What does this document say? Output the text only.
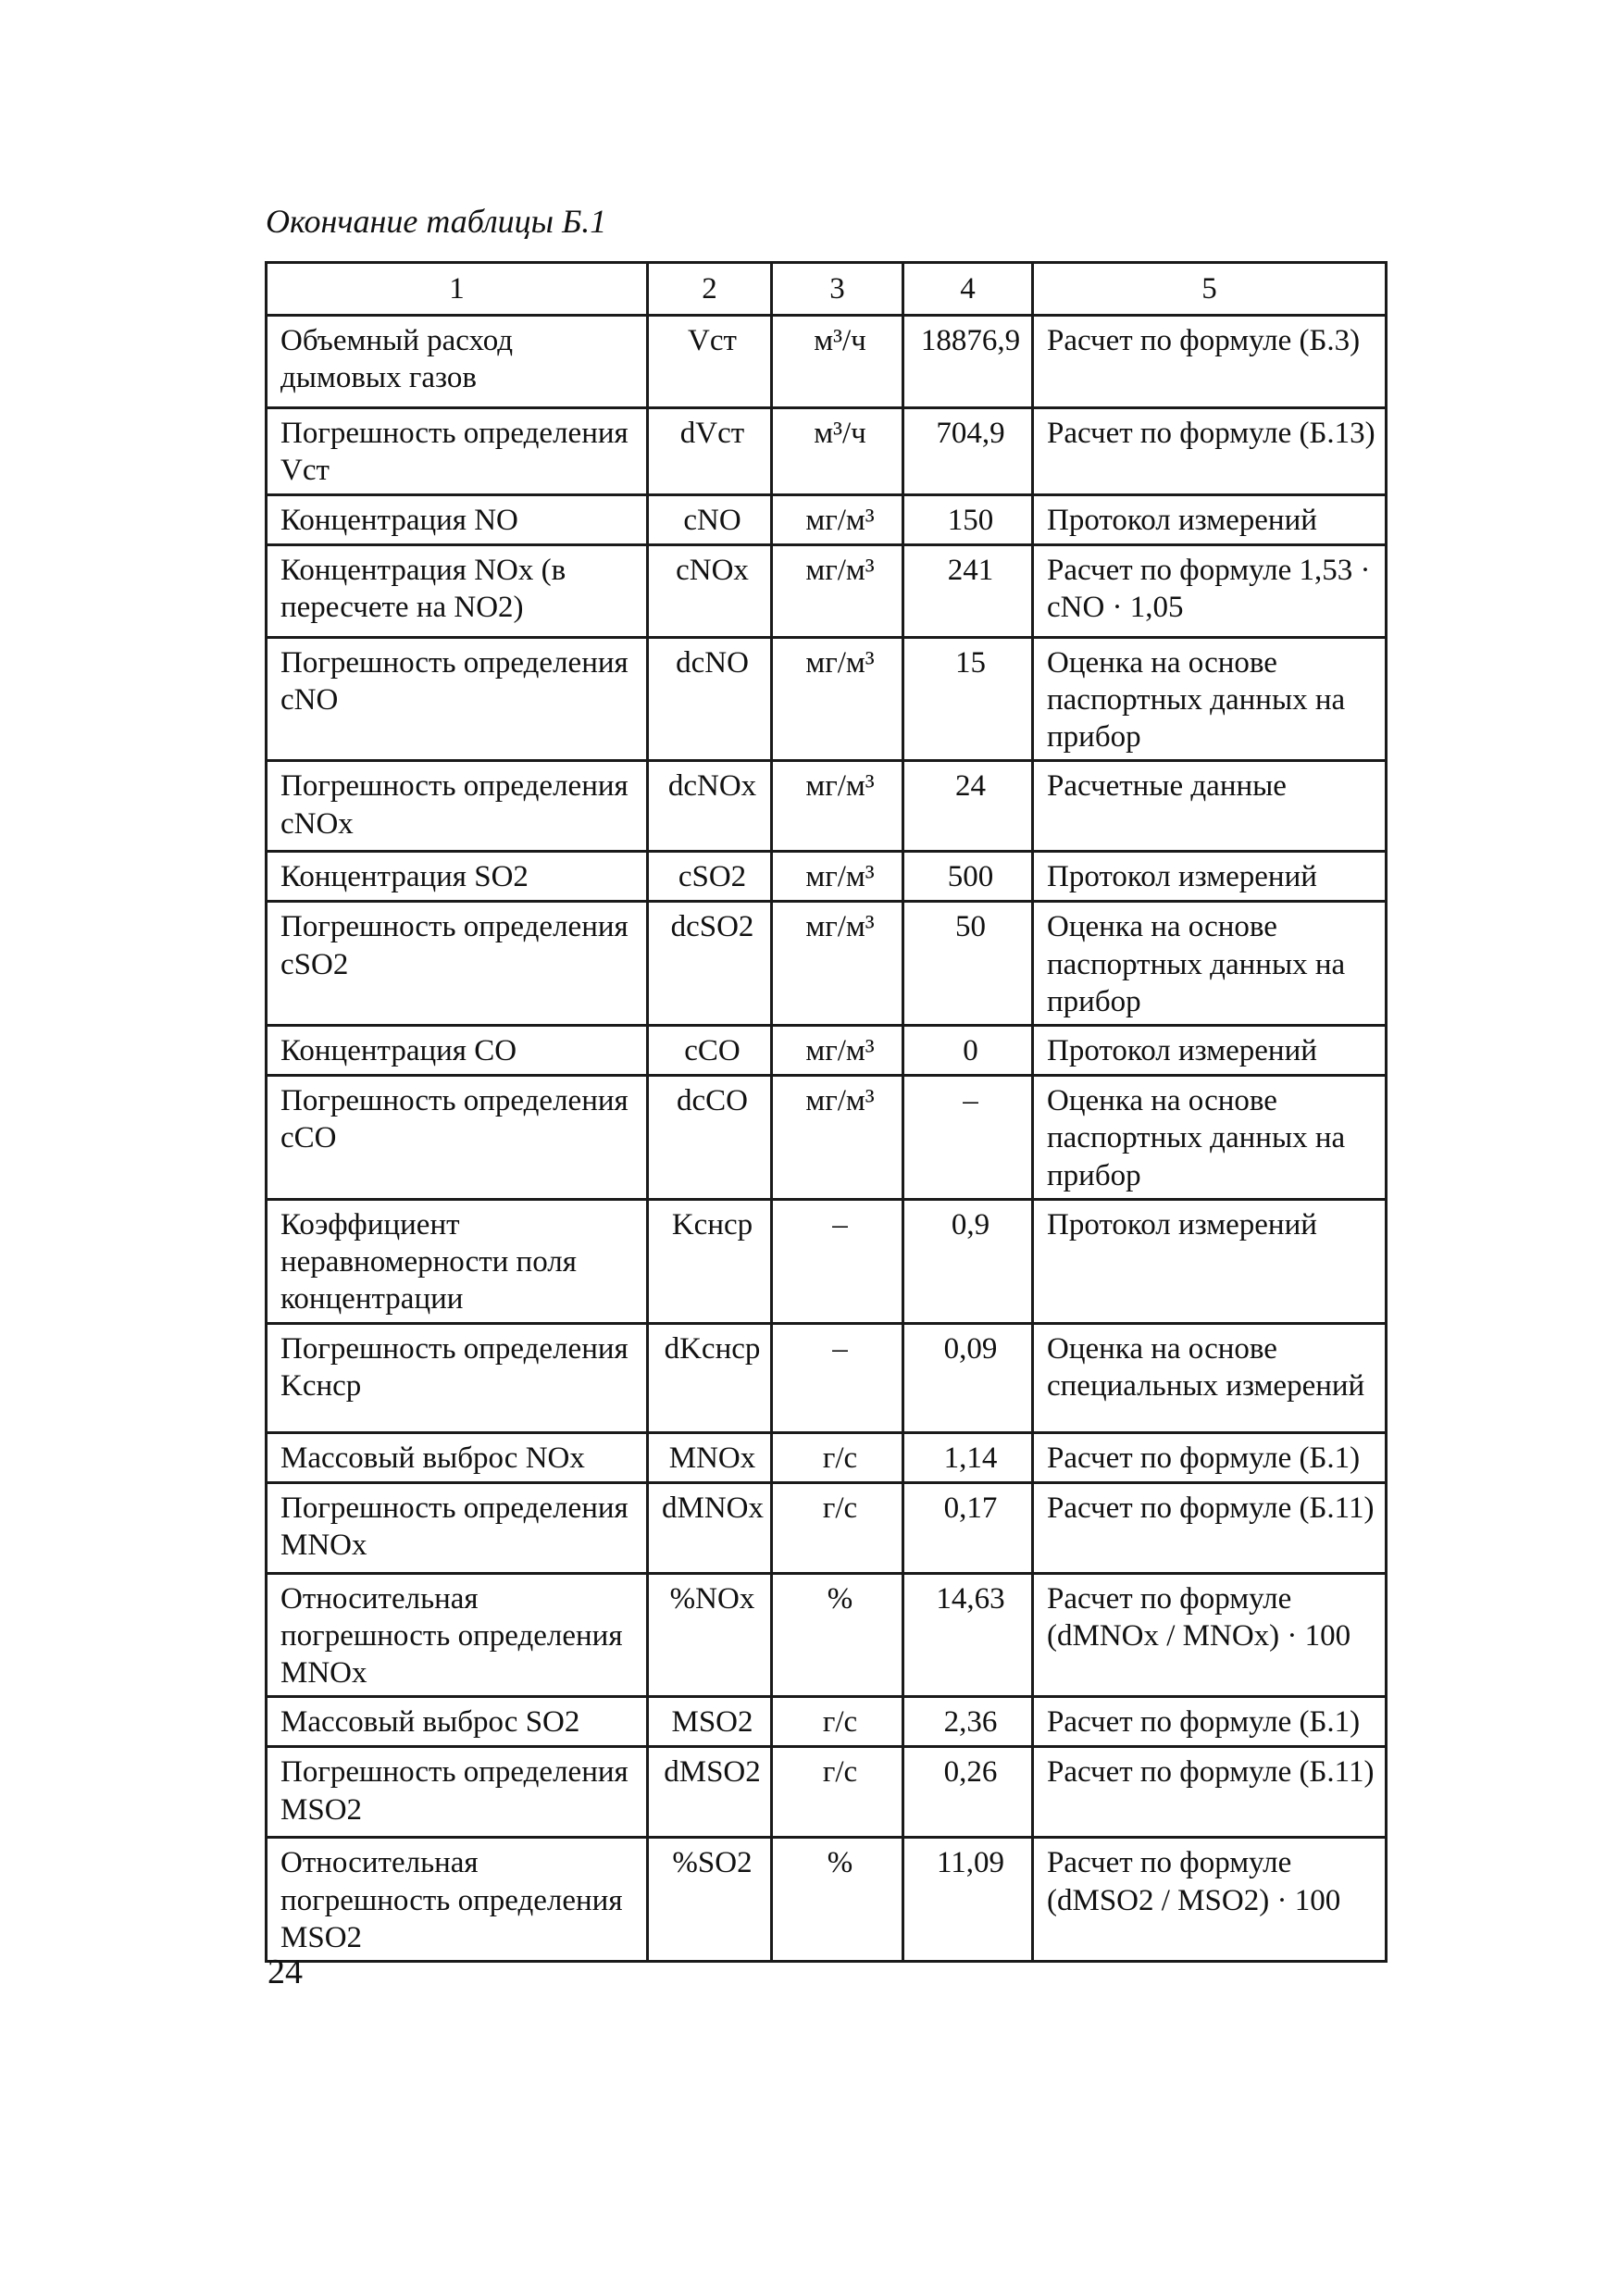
Окончание таблицы Б.1
1	2	3	4	5
Объемный расход дымовых газов	Vст	м³/ч	18876,9	Расчет по формуле (Б.3)
Погрешность определения Vст	dVст	м³/ч	704,9	Расчет по формуле (Б.13)
Концентрация NO	cNO	мг/м³	150	Протокол измерений
Концентрация NOx (в пересчете на NO2)	cNOx	мг/м³	241	Расчет по формуле 1,53 · cNO · 1,05
Погрешность определения cNO	dcNO	мг/м³	15	Оценка на основе паспортных данных на прибор
Погрешность определения cNOx	dcNOx	мг/м³	24	Расчетные данные
Концентрация SO2	cSO2	мг/м³	500	Протокол измерений
Погрешность определения cSO2	dcSO2	мг/м³	50	Оценка на основе паспортных данных на прибор
Концентрация СО	cCO	мг/м³	0	Протокол измерений
Погрешность определения cCO	dcCO	мг/м³	–	Оценка на основе паспортных данных на прибор
Коэффициент неравномерности поля концентрации	Kcнср	–	0,9	Протокол измерений
Погрешность определения Kcнср	dKcнср	–	0,09	Оценка на основе специальных измерений
Массовый выброс NOx	MNOx	г/с	1,14	Расчет по формуле (Б.1)
Погрешность определения MNOx	dMNOx	г/с	0,17	Расчет по формуле (Б.11)
Относительная погрешность определения MNOx	%NOx	%	14,63	Расчет по формуле (dMNOx / MNOx) · 100
Массовый выброс SO2	MSO2	г/с	2,36	Расчет по формуле (Б.1)
Погрешность определения MSO2	dMSO2	г/с	0,26	Расчет по формуле (Б.11)
Относительная погрешность определения MSO2	%SO2	%	11,09	Расчет по формуле (dMSO2 / MSO2) · 100
24
